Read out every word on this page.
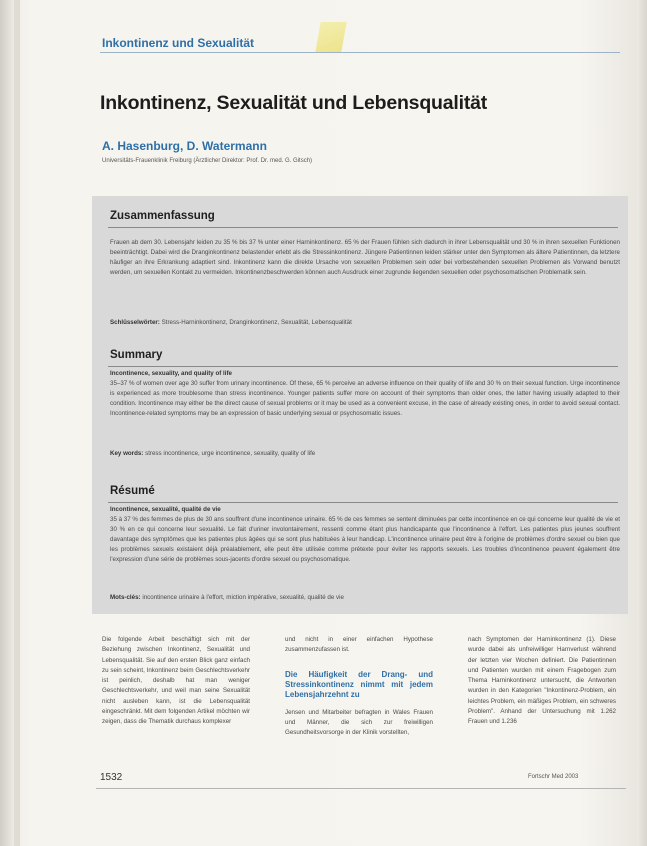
Inkontinenz und Sexualität
Inkontinenz, Sexualität und Lebensqualität
A. Hasenburg, D. Watermann
Universitäts-Frauenklinik Freiburg (Ärztlicher Direktor: Prof. Dr. med. G. Gitsch)
Zusammenfassung
Frauen ab dem 30. Lebensjahr leiden zu 35 % bis 37 % unter einer Harninkontinenz. 65 % der Frauen fühlen sich dadurch in ihrer Lebensqualität und 30 % in ihren sexuellen Funktionen beeinträchtigt. Dabei wird die Dranginkontinenz belastender erlebt als die Stressinkontinenz. Jüngere Patientinnen leiden stärker unter den Symptomen als ältere Patientinnen, da letztere häufiger an ihre Erkrankung adaptiert sind. Inkontinenz kann die direkte Ursache von sexuellen Problemen sein oder bei vorbestehenden sexuellen Problemen als Vorwand benutzt werden, um sexuellen Kontakt zu vermeiden. Inkontinenzbeschwerden können auch Ausdruck einer zugrunde liegenden sexuellen oder psychosomatischen Problematik sein.
Schlüsselwörter: Stress-Harninkontinenz, Dranginkontinenz, Sexualität, Lebensqualität
Summary
Incontinence, sexuality, and quality of life
35–37 % of women over age 30 suffer from urinary incontinence. Of these, 65 % perceive an adverse influence on their quality of life and 30 % on their sexual function. Urge incontinence is experienced as more troublesome than stress incontinence. Younger patients suffer more on account of their symptoms than older ones, the latter having usually adapted to their condition. Incontinence may either be the direct cause of sexual problems or it may be used as a convenient excuse, in the case of already existing ones, in order to avoid sexual contact. Incontinence-related symptoms may be an expression of basic underlying sexual or psychosomatic issues.
Key words: stress incontinence, urge incontinence, sexuality, quality of life
Résumé
Incontinence, sexualité, qualité de vie
35 à 37 % des femmes de plus de 30 ans souffrent d'une incontinence urinaire. 65 % de ces femmes se sentent diminuées par cette incontinence en ce qui concerne leur qualité de vie et 30 % en ce qui concerne leur sexualité. Le fait d'uriner involontairement, ressenti comme étant plus handicapante que l'incontinence à l'effort. Les patientes plus jeunes souffrent davantage des symptômes que les patientes plus âgées qui se sont plus habituées à leur handicap. L'incontinence urinaire peut être à l'origine de problèmes d'ordre sexuel ou bien que les problèmes sexuels existaient déjà préalablement, elle peut être utilisée comme prétexte pour éviter les rapports sexuels. Les troubles d'incontinence peuvent également être l'expression d'une série de problèmes sous-jacents d'ordre sexuel ou psychosomatique.
Mots-clés: incontinence urinaire à l'effort, miction impérative, sexualité, qualité de vie
Die folgende Arbeit beschäftigt sich mit der Beziehung zwischen Inkontinenz, Sexualität und Lebensqualität. Sie auf den ersten Blick ganz einfach zu sein scheint, Inkontinenz beim Geschlechtsverkehr ist peinlich, deshalb hat man weniger Geschlechtsverkehr, und weil man seine Sexualität nicht ausleben kann, ist die Lebensqualität eingeschränkt. Mit dem folgenden Artikel möchten wir zeigen, dass die Thematik durchaus komplexer
und nicht in einer einfachen Hypothese zusammenzufassen ist.
Die Häufigkeit der Drang- und Stressinkontinenz nimmt mit jedem Lebensjahrzehnt zu
Jensen und Mitarbeiter befragten in Wales Frauen und Männer, die sich zur freiwilligen Gesundheitsvorsorge in der Klinik vorstellten,
nach Symptomen der Harninkontinenz (1). Diese wurde dabei als unfreiwilliger Harnverlust während der letzten vier Wochen definiert. Die Patientinnen und Patienten wurden mit einem Fragebogen zum Thema Harninkontinenz untersucht, die Antworten wurden in den Kategorien "Inkontinenz-Problem, ein leichtes Problem, ein mäßiges Problem, ein schweres Problem". Anhand der Untersuchung mit 1.262 Frauen und 1.236
1532	Fortschr Med 2003
